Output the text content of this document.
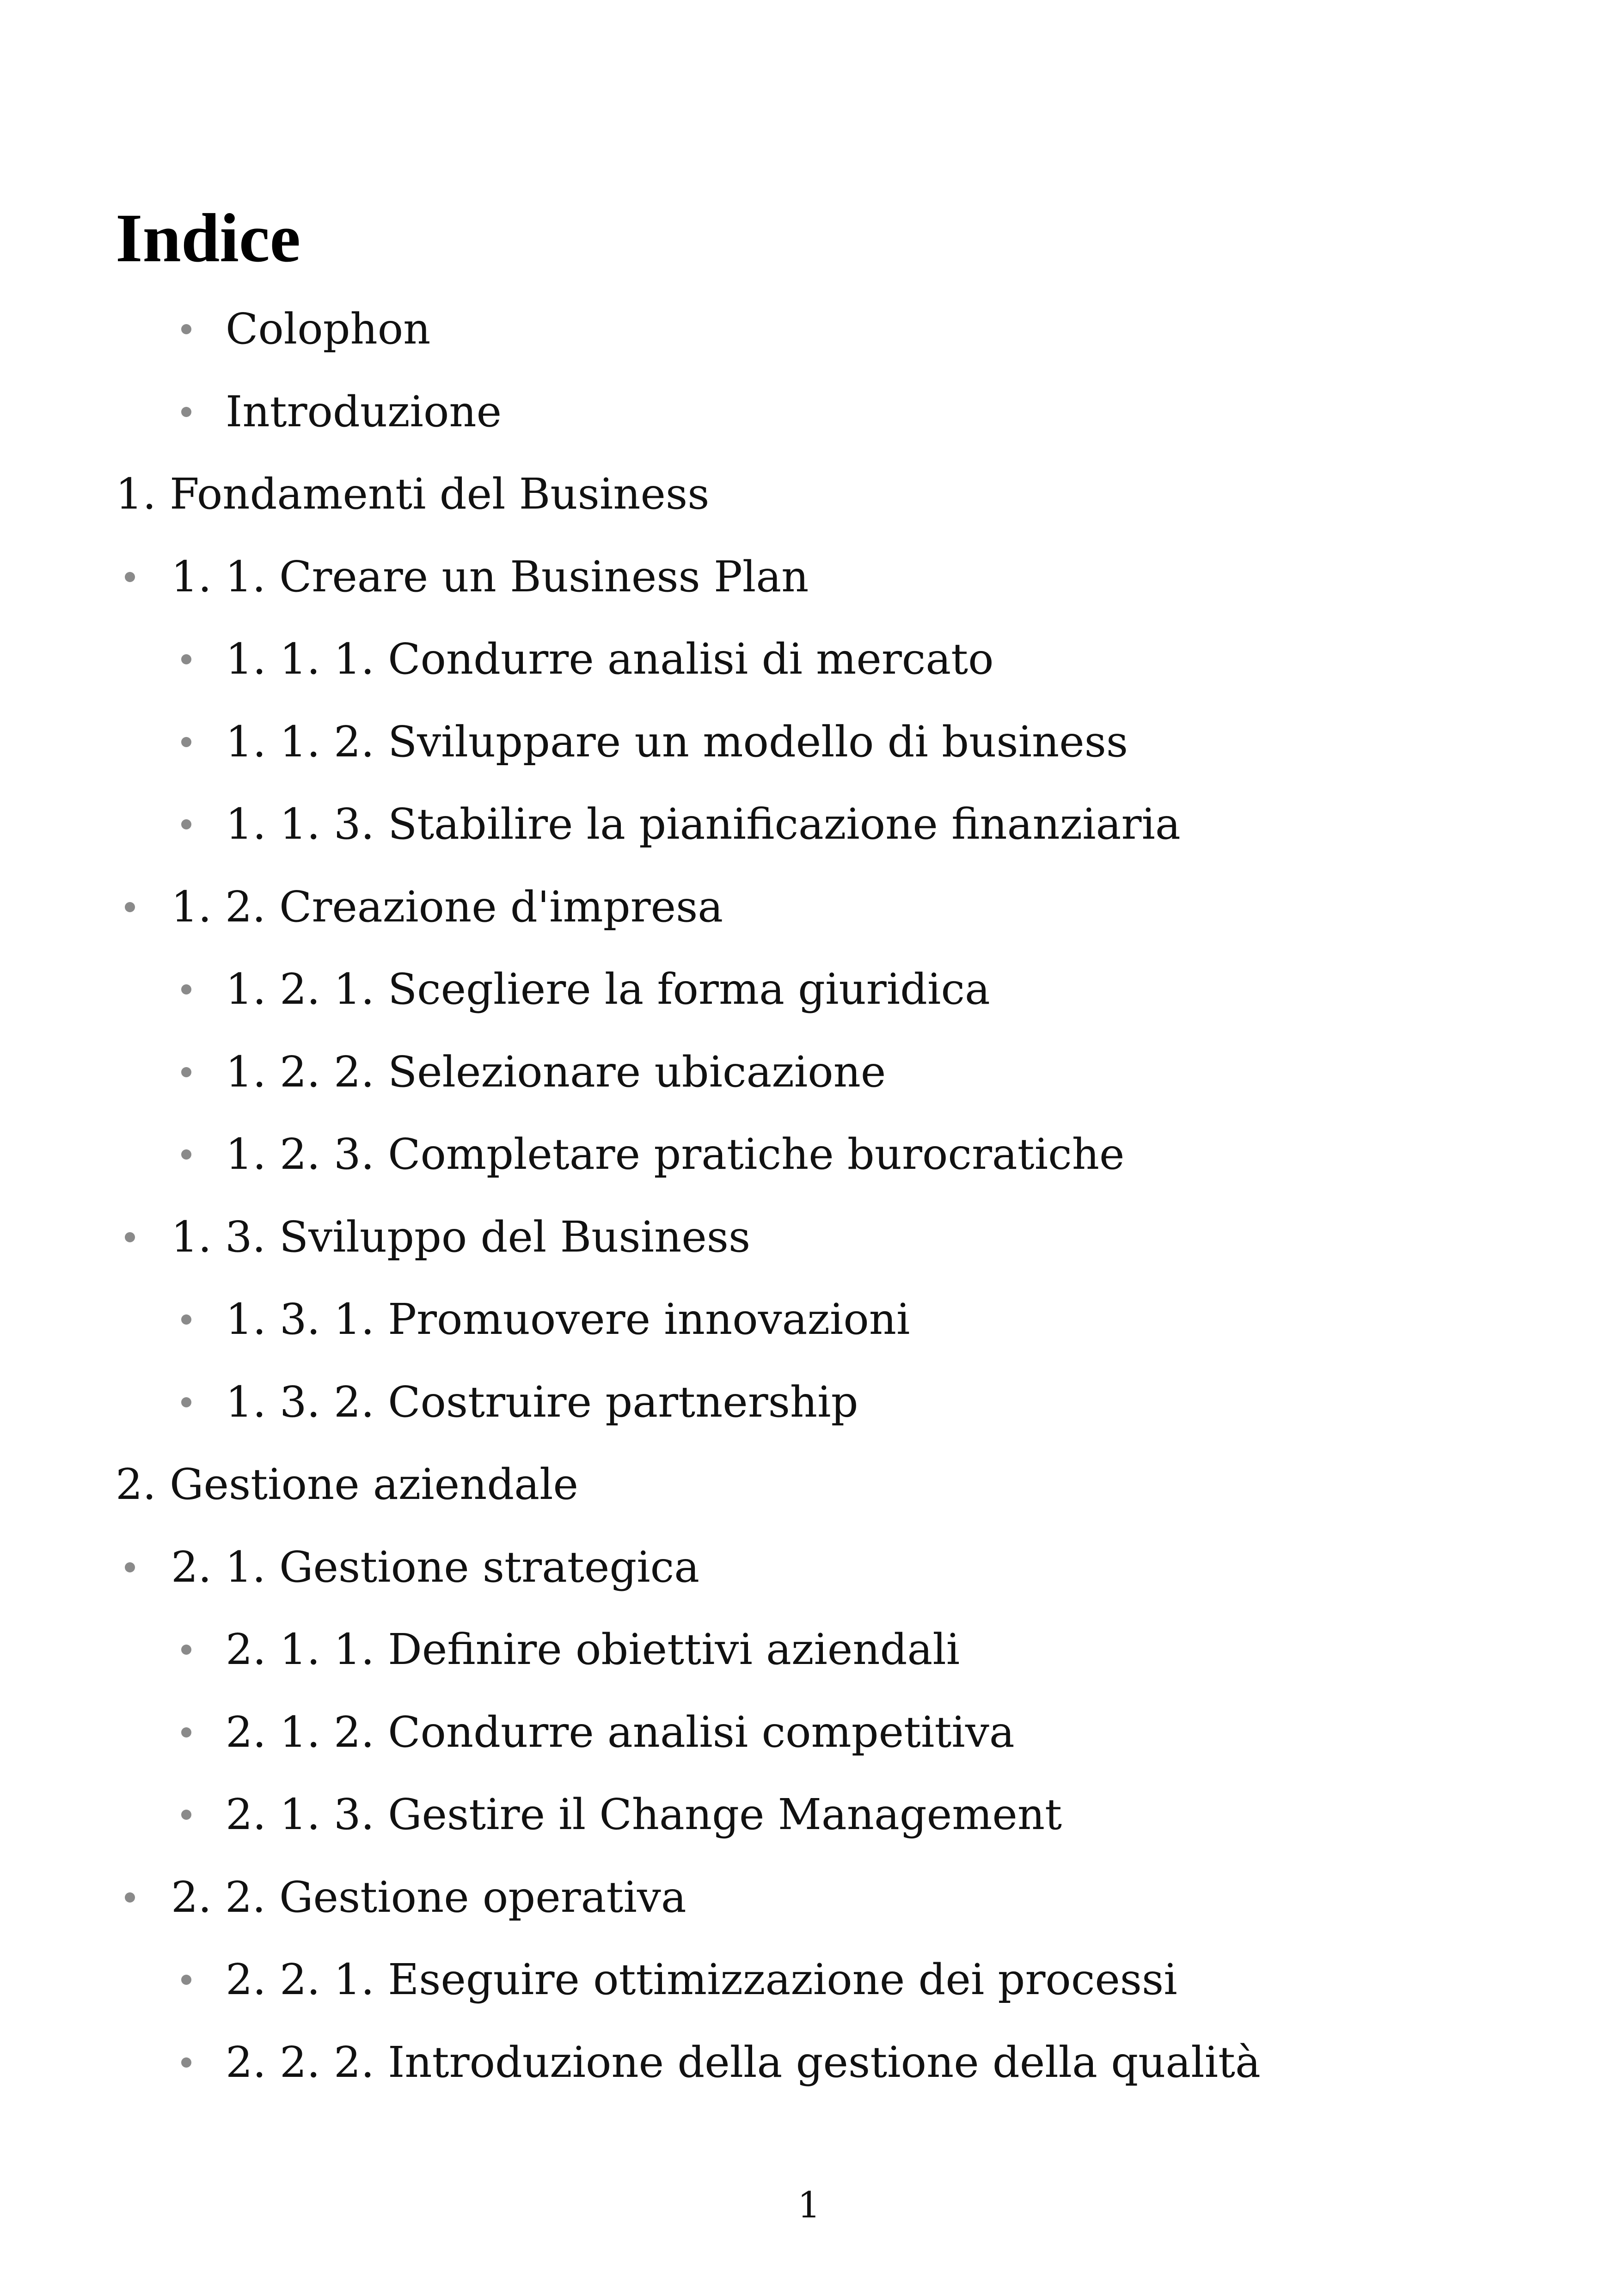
Indice
Colophon
Introduzione
1. Fondamenti del Business
1. 1. Creare un Business Plan
1. 1. 1. Condurre analisi di mercato
1. 1. 2. Sviluppare un modello di business
1. 1. 3. Stabilire la pianificazione finanziaria
1. 2. Creazione d'impresa
1. 2. 1. Scegliere la forma giuridica
1. 2. 2. Selezionare ubicazione
1. 2. 3. Completare pratiche burocratiche
1. 3. Sviluppo del Business
1. 3. 1. Promuovere innovazioni
1. 3. 2. Costruire partnership
2. Gestione aziendale
2. 1. Gestione strategica
2. 1. 1. Definire obiettivi aziendali
2. 1. 2. Condurre analisi competitiva
2. 1. 3. Gestire il Change Management
2. 2. Gestione operativa
2. 2. 1. Eseguire ottimizzazione dei processi
2. 2. 2. Introduzione della gestione della qualità
1
